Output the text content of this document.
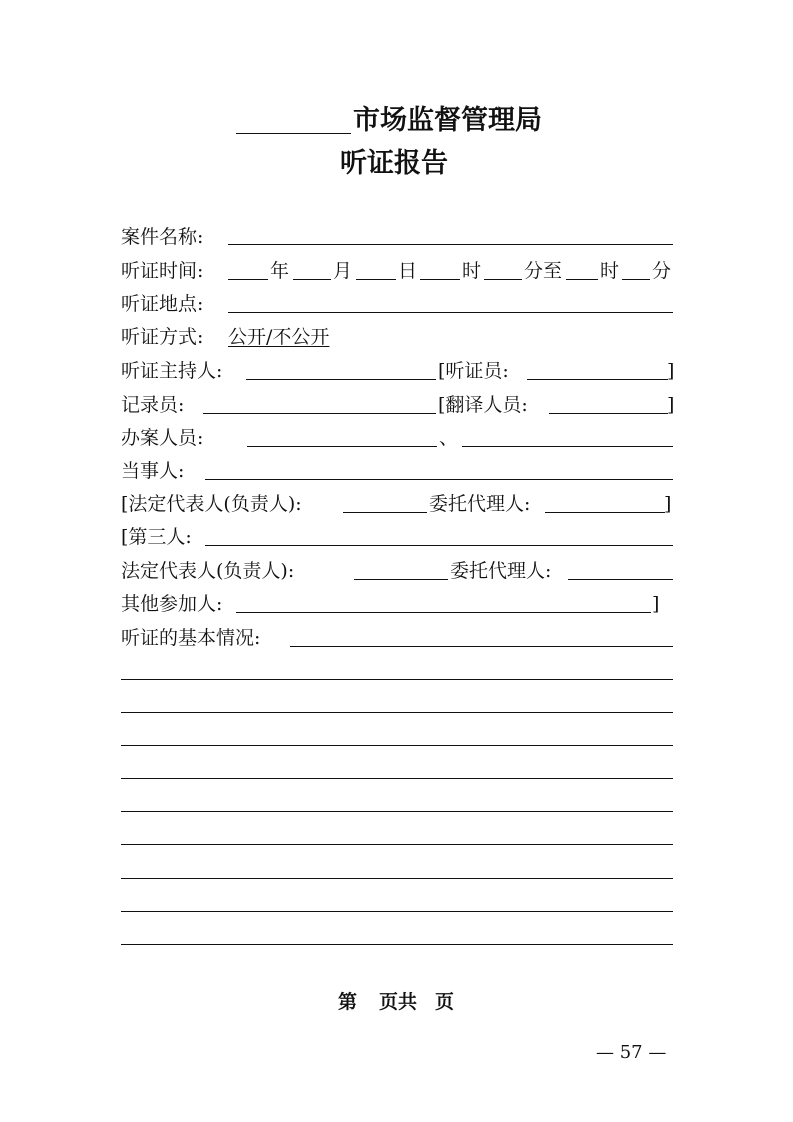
市场监督管理局
听证报告
案件名称:
听证时间:	年 月 日 时 分至 时 分
听证地点:
听证方式: 公开/不公开
听证主持人:	[听证员:	]
记录员:	[翻译人员:	]
办案人员:	、
当事人:
[法定代表人(负责人):	委托代理人:	]
[第三人:
法定代表人(负责人):	委托代理人:
其他参加人:	]
听证的基本情况:
第 页共 页
— 57 —
